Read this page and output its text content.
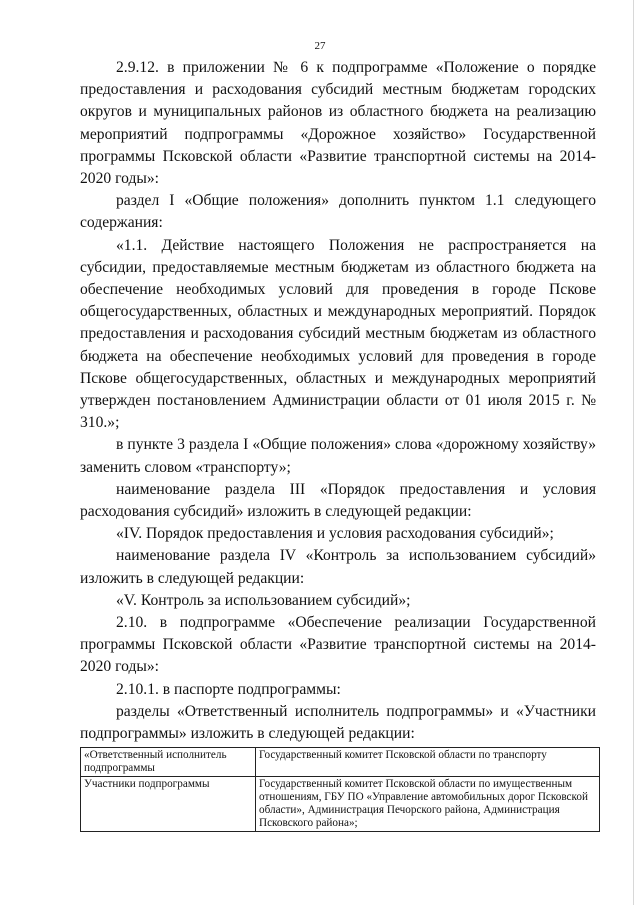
27

2.9.12. в приложении № 6 к подпрограмме «Положение о порядке предоставления и расходования субсидий местным бюджетам городских округов и муниципальных районов из областного бюджета на реализацию мероприятий подпрограммы «Дорожное хозяйство» Государственной программы Псковской области «Развитие транспортной системы на 2014-2020 годы»:

раздел I «Общие положения» дополнить пунктом 1.1 следующего содержания:

«1.1. Действие настоящего Положения не распространяется на субсидии, предоставляемые местным бюджетам из областного бюджета на обеспечение необходимых условий для проведения в городе Пскове общегосударственных, областных и международных мероприятий. Порядок предоставления и расходования субсидий местным бюджетам из областного бюджета на обеспечение необходимых условий для проведения в городе Пскове общегосударственных, областных и международных мероприятий утвержден постановлением Администрации области от 01 июля 2015 г. № 310.»;

в пункте 3 раздела I «Общие положения» слова «дорожному хозяйству» заменить словом «транспорту»;

наименование раздела III «Порядок предоставления и условия расходования субсидий» изложить в следующей редакции:

«IV. Порядок предоставления и условия расходования субсидий»;

наименование раздела IV «Контроль за использованием субсидий» изложить в следующей редакции:

«V. Контроль за использованием субсидий»;

2.10. в подпрограмме «Обеспечение реализации Государственной программы Псковской области «Развитие транспортной системы на 2014-2020 годы»:

2.10.1. в паспорте подпрограммы:

разделы «Ответственный исполнитель подпрограммы» и «Участники подпрограммы» изложить в следующей редакции:

«Ответственный исполнитель подпрограммы	Государственный комитет Псковской области по транспорту
Участники подпрограммы	Государственный комитет Псковской области по имущественным отношениям, ГБУ ПО «Управление автомобильных дорог Псковской области», Администрация Печорского района, Администрация Псковского района»;
